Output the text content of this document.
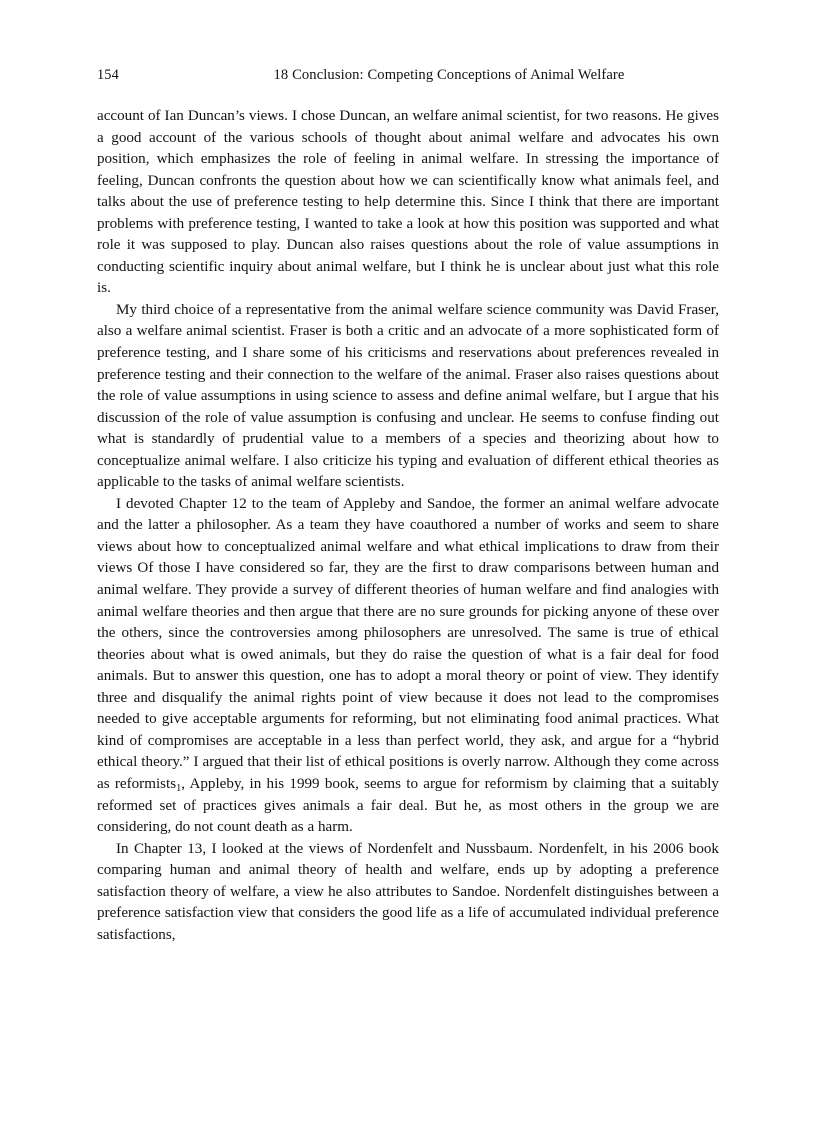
154	18 Conclusion: Competing Conceptions of Animal Welfare

account of Ian Duncan’s views. I chose Duncan, an welfare animal scientist, for two reasons. He gives a good account of the various schools of thought about animal welfare and advocates his own position, which emphasizes the role of feeling in animal welfare. In stressing the importance of feeling, Duncan confronts the question about how we can scientifically know what animals feel, and talks about the use of preference testing to help determine this. Since I think that there are important problems with preference testing, I wanted to take a look at how this position was supported and what role it was supposed to play. Duncan also raises questions about the role of value assumptions in conducting scientific inquiry about animal welfare, but I think he is unclear about just what this role is.

My third choice of a representative from the animal welfare science community was David Fraser, also a welfare animal scientist. Fraser is both a critic and an advocate of a more sophisticated form of preference testing, and I share some of his criticisms and reservations about preferences revealed in preference testing and their connection to the welfare of the animal. Fraser also raises questions about the role of value assumptions in using science to assess and define animal welfare, but I argue that his discussion of the role of value assumption is confusing and unclear. He seems to confuse finding out what is standardly of prudential value to a members of a species and theorizing about how to conceptualize animal welfare. I also criticize his typing and evaluation of different ethical theories as applicable to the tasks of animal welfare scientists.

I devoted Chapter 12 to the team of Appleby and Sandoe, the former an animal welfare advocate and the latter a philosopher. As a team they have coauthored a number of works and seem to share views about how to conceptualized animal welfare and what ethical implications to draw from their views Of those I have considered so far, they are the first to draw comparisons between human and animal welfare. They provide a survey of different theories of human welfare and find analogies with animal welfare theories and then argue that there are no sure grounds for picking anyone of these over the others, since the controversies among philosophers are unresolved. The same is true of ethical theories about what is owed animals, but they do raise the question of what is a fair deal for food animals. But to answer this question, one has to adopt a moral theory or point of view. They identify three and disqualify the animal rights point of view because it does not lead to the compromises needed to give acceptable arguments for reforming, but not eliminating food animal practices. What kind of compromises are acceptable in a less than perfect world, they ask, and argue for a “hybrid ethical theory.” I argued that their list of ethical positions is overly narrow. Although they come across as reformists$_1$, Appleby, in his 1999 book, seems to argue for reformism by claiming that a suitably reformed set of practices gives animals a fair deal. But he, as most others in the group we are considering, do not count death as a harm.

In Chapter 13, I looked at the views of Nordenfelt and Nussbaum. Nordenfelt, in his 2006 book comparing human and animal theory of health and welfare, ends up by adopting a preference satisfaction theory of welfare, a view he also attributes to Sandoe. Nordenfelt distinguishes between a preference satisfaction view that considers the good life as a life of accumulated individual preference satisfactions,
